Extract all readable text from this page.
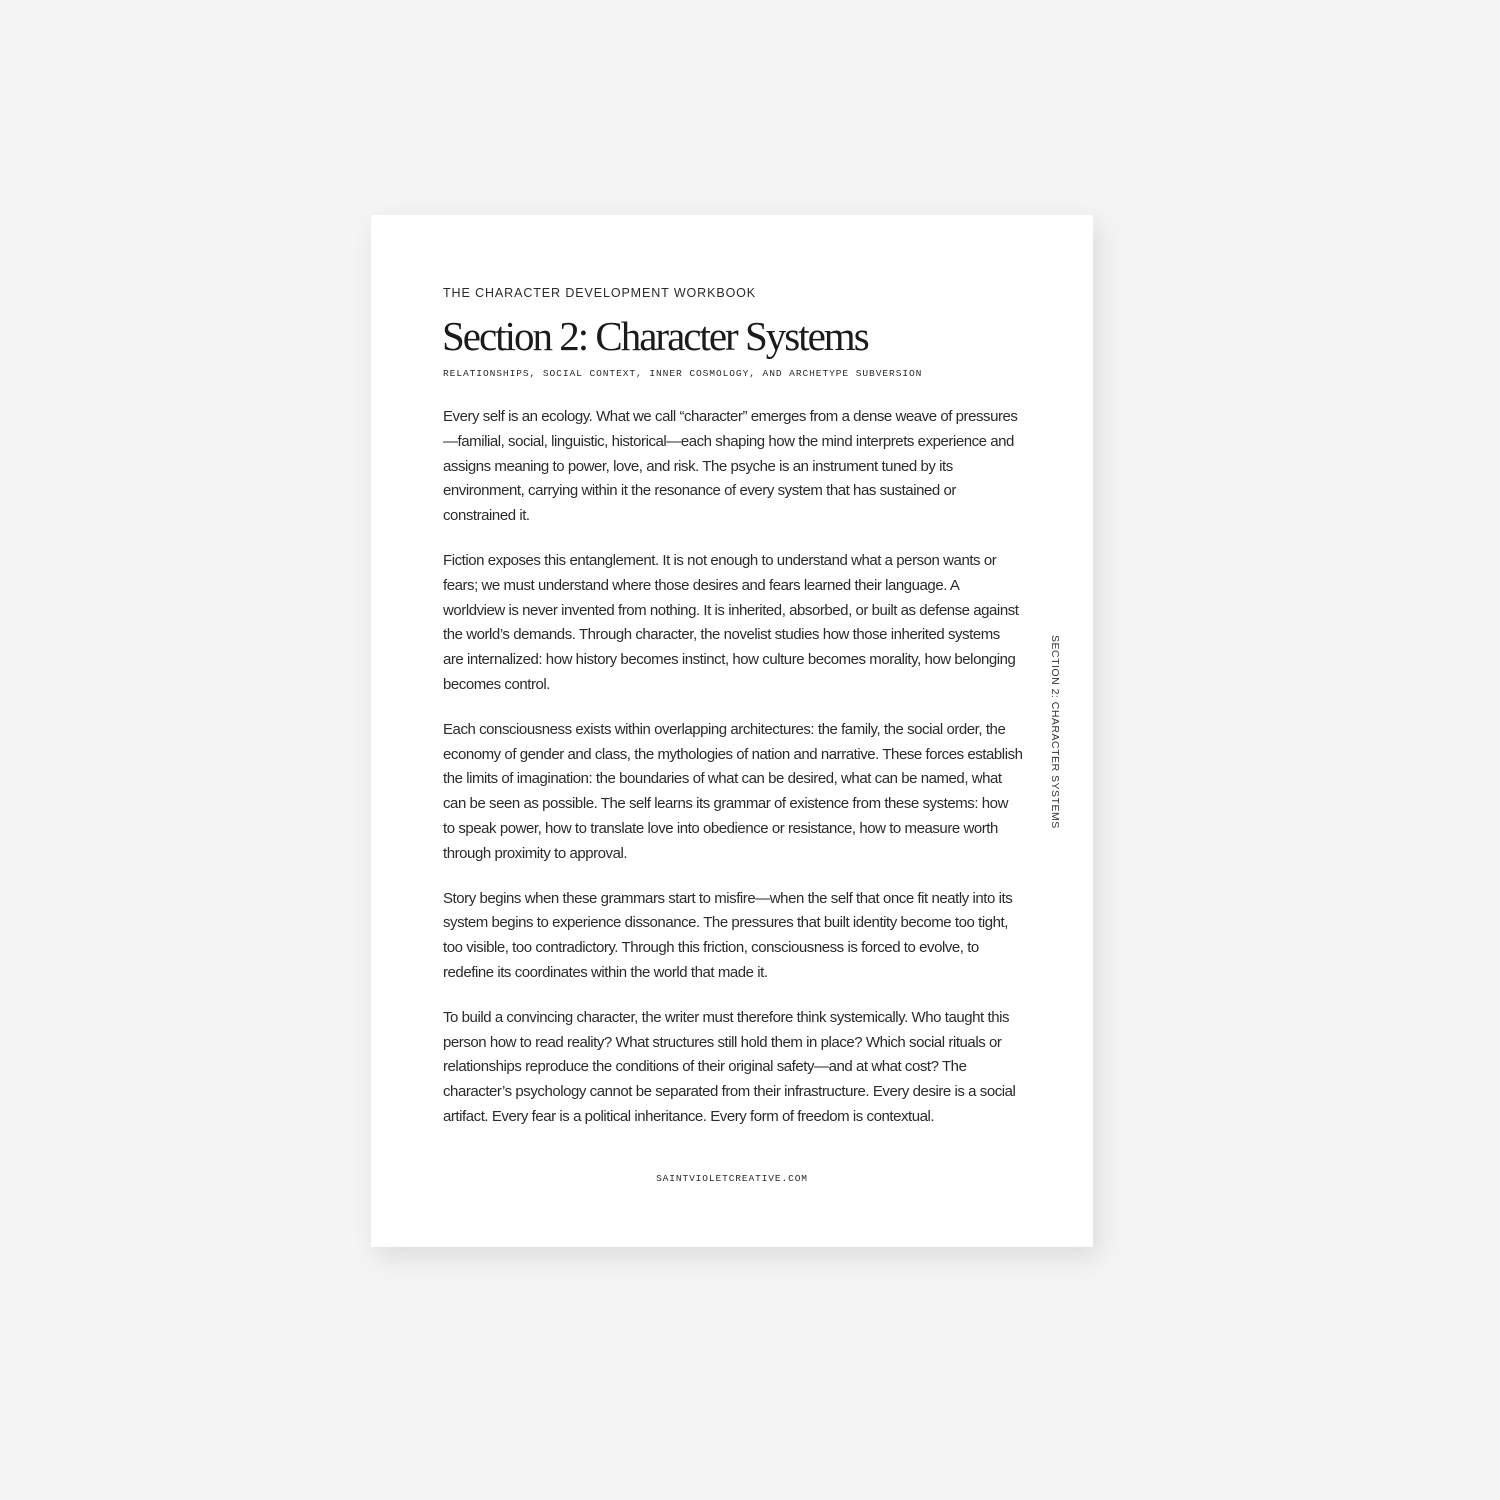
THE CHARACTER DEVELOPMENT WORKBOOK
Section 2: Character Systems
RELATIONSHIPS, SOCIAL CONTEXT, INNER COSMOLOGY, AND ARCHETYPE SUBVERSION

Every self is an ecology. What we call “character” emerges from a dense weave of pressures—familial, social, linguistic, historical—each shaping how the mind interprets experience and assigns meaning to power, love, and risk. The psyche is an instrument tuned by its environment, carrying within it the resonance of every system that has sustained or constrained it.

Fiction exposes this entanglement. It is not enough to understand what a person wants or fears; we must understand where those desires and fears learned their language. A worldview is never invented from nothing. It is inherited, absorbed, or built as defense against the world’s demands. Through character, the novelist studies how those inherited systems are internalized: how history becomes instinct, how culture becomes morality, how belonging becomes control.

Each consciousness exists within overlapping architectures: the family, the social order, the economy of gender and class, the mythologies of nation and narrative. These forces establish the limits of imagination: the boundaries of what can be desired, what can be named, what can be seen as possible. The self learns its grammar of existence from these systems: how to speak power, how to translate love into obedience or resistance, how to measure worth through proximity to approval.

Story begins when these grammars start to misfire—when the self that once fit neatly into its system begins to experience dissonance. The pressures that built identity become too tight, too visible, too contradictory. Through this friction, consciousness is forced to evolve, to redefine its coordinates within the world that made it.

To build a convincing character, the writer must therefore think systemically. Who taught this person how to read reality? What structures still hold them in place? Which social rituals or relationships reproduce the conditions of their original safety—and at what cost? The character’s psychology cannot be separated from their infrastructure. Every desire is a social artifact. Every fear is a political inheritance. Every form of freedom is contextual.

SECTION 2: CHARACTER SYSTEMS
SAINTVIOLETCREATIVE.COM
